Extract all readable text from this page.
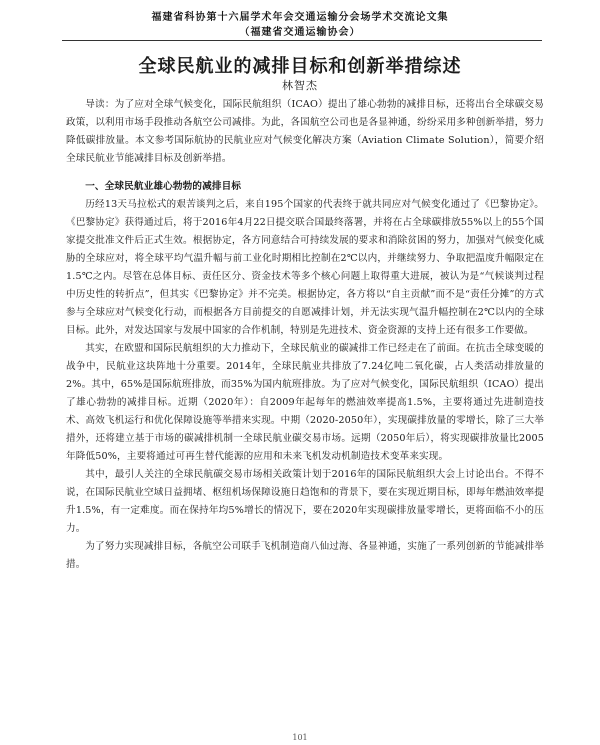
福建省科协第十六届学术年会交通运输分会场学术交流论文集
（福建省交通运输协会）
全球民航业的减排目标和创新举措综述
林智杰

导读：为了应对全球气候变化，国际民航组织（ICAO）提出了雄心勃勃的减排目标，还将出台全球碳交易政策，以利用市场手段推动各航空公司减排。为此，各国航空公司也是各显神通，纷纷采用多种创新举措，努力降低碳排放量。本文参考国际航协的民航业应对气候变化解决方案（Aviation Climate Solution），简要介绍全球民航业节能减排目标及创新举措。

一、全球民航业雄心勃勃的减排目标

历经13天马拉松式的艰苦谈判之后，来自195个国家的代表终于就共同应对气候变化通过了《巴黎协定》。《巴黎协定》获得通过后，将于2016年4月22日提交联合国最终落署，并将在占全球碳排放55%以上的55个国家提交批准文件后正式生效。根据协定，各方同意结合可持续发展的要求和消除贫困的努力，加强对气候变化威胁的全球应对，将全球平均气温升幅与前工业化时期相比控制在2℃以内，并继续努力、争取把温度升幅限定在1.5℃之内。尽管在总体目标、责任区分、资金技术等多个核心问题上取得重大进展，被认为是“气候谈判过程中历史性的转折点”，但其实《巴黎协定》并不完美。根据协定，各方将以“自主贡献”而不是“责任分摊”的方式参与全球应对气候变化行动，而根据各方目前提交的自愿减排计划，并无法实现气温升幅控制在2℃以内的全球目标。此外，对发达国家与发展中国家的合作机制，特别是先进技术、资金资源的支持上还有很多工作要做。

其实，在欧盟和国际民航组织的大力推动下，全球民航业的碳减排工作已经走在了前面。在抗击全球变暖的战争中，民航业这块阵地十分重要。2014年，全球民航业共排放了7.24亿吨二氧化碳，占人类活动排放量的2%。其中，65%是国际航班排放，而35%为国内航班排放。为了应对气候变化，国际民航组织（ICAO）提出了雄心勃勃的减排目标。近期（2020年）：自2009年起每年的燃油效率提高1.5%，主要将通过先进制造技术、高效飞机运行和优化保障设施等举措来实现。中期（2020-2050年），实现碳排放量的零增长，除了三大举措外，还将建立基于市场的碳减排机制一全球民航业碳交易市场。远期（2050年后），将实现碳排放量比2005年降低50%，主要将通过可再生替代能源的应用和未来飞机发动机制造技术变革来实现。

其中，最引人关注的全球民航碳交易市场相关政策计划于2016年的国际民航组织大会上讨论出台。不得不说，在国际民航业空域日益拥堵、枢纽机场保障设施日趋饱和的背景下，要在实现近期目标，即每年燃油效率提升1.5%，有一定难度。而在保持年均5%增长的情况下，要在2020年实现碳排放量零增长，更将面临不小的压力。

为了努力实现减排目标，各航空公司联手飞机制造商八仙过海、各显神通，实施了一系列创新的节能减排举措。

101
